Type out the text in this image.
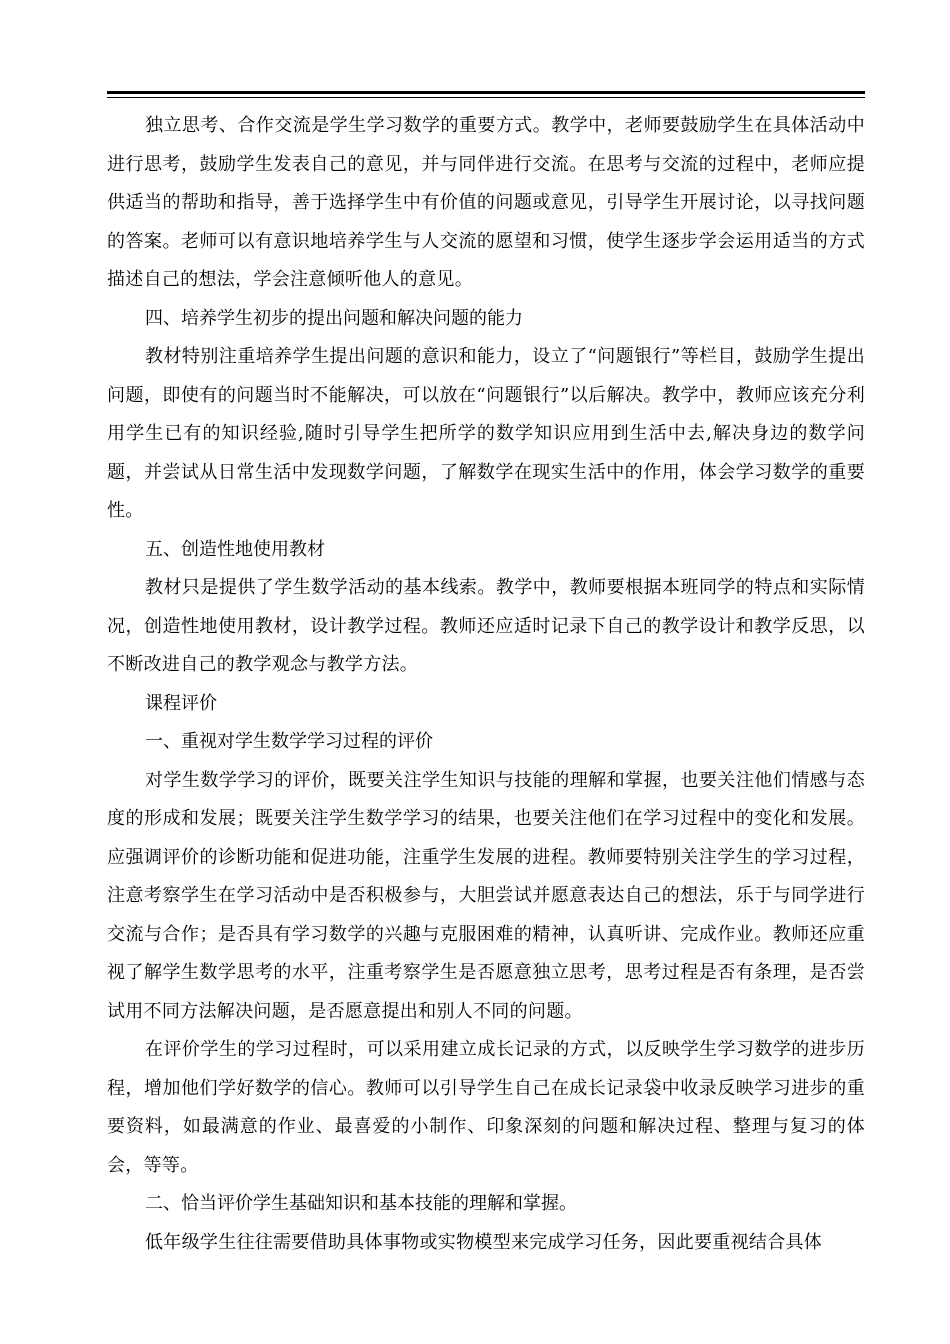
独立思考、合作交流是学生学习数学的重要方式。教学中，老师要鼓励学生在具体活动中进行思考，鼓励学生发表自己的意见，并与同伴进行交流。在思考与交流的过程中，老师应提供适当的帮助和指导，善于选择学生中有价值的问题或意见，引导学生开展讨论，以寻找问题的答案。老师可以有意识地培养学生与人交流的愿望和习惯，使学生逐步学会运用适当的方式描述自己的想法，学会注意倾听他人的意见。

四、培养学生初步的提出问题和解决问题的能力

教材特别注重培养学生提出问题的意识和能力，设立了“问题银行”等栏目，鼓励学生提出问题，即使有的问题当时不能解决，可以放在“问题银行”以后解决。教学中，教师应该充分利用学生已有的知识经验,随时引导学生把所学的数学知识应用到生活中去,解决身边的数学问题，并尝试从日常生活中发现数学问题，了解数学在现实生活中的作用，体会学习数学的重要性。

五、创造性地使用教材

教材只是提供了学生数学活动的基本线索。教学中，教师要根据本班同学的特点和实际情况，创造性地使用教材，设计教学过程。教师还应适时记录下自己的教学设计和教学反思，以不断改进自己的教学观念与教学方法。

课程评价

一、重视对学生数学学习过程的评价

对学生数学学习的评价，既要关注学生知识与技能的理解和掌握，也要关注他们情感与态度的形成和发展；既要关注学生数学学习的结果，也要关注他们在学习过程中的变化和发展。应强调评价的诊断功能和促进功能，注重学生发展的进程。教师要特别关注学生的学习过程，注意考察学生在学习活动中是否积极参与，大胆尝试并愿意表达自己的想法，乐于与同学进行交流与合作；是否具有学习数学的兴趣与克服困难的精神，认真听讲、完成作业。教师还应重视了解学生数学思考的水平，注重考察学生是否愿意独立思考，思考过程是否有条理，是否尝试用不同方法解决问题，是否愿意提出和别人不同的问题。

在评价学生的学习过程时，可以采用建立成长记录的方式，以反映学生学习数学的进步历程，增加他们学好数学的信心。教师可以引导学生自己在成长记录袋中收录反映学习进步的重要资料，如最满意的作业、最喜爱的小制作、印象深刻的问题和解决过程、整理与复习的体会，等等。

二、恰当评价学生基础知识和基本技能的理解和掌握。

低年级学生往往需要借助具体事物或实物模型来完成学习任务，因此要重视结合具体
